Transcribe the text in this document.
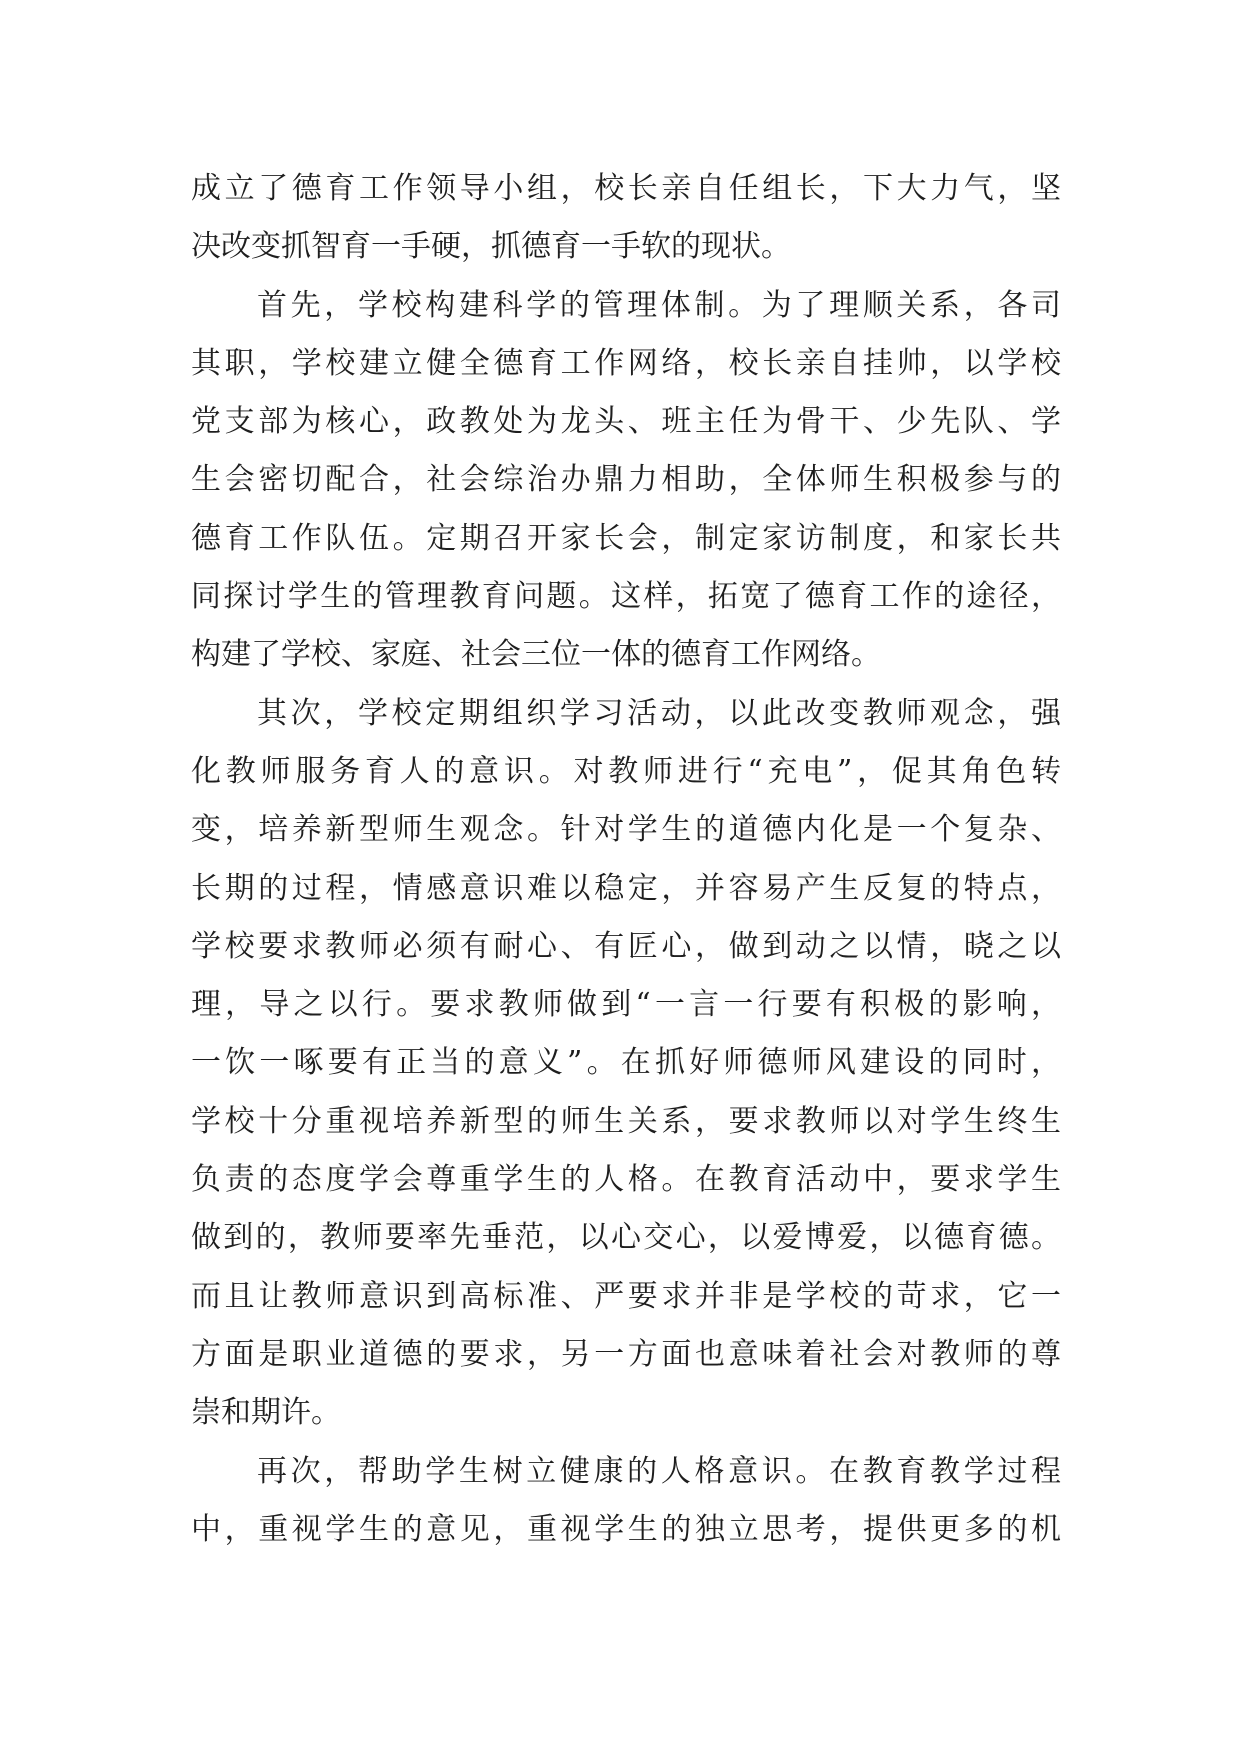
成立了德育工作领导小组，校长亲自任组长，下大力气，坚
决改变抓智育一手硬，抓德育一手软的现状。
首先，学校构建科学的管理体制。为了理顺关系，各司
其职，学校建立健全德育工作网络，校长亲自挂帅，以学校
党支部为核心，政教处为龙头、班主任为骨干、少先队、学
生会密切配合，社会综治办鼎力相助，全体师生积极参与的
德育工作队伍。定期召开家长会，制定家访制度，和家长共
同探讨学生的管理教育问题。这样，拓宽了德育工作的途径，
构建了学校、家庭、社会三位一体的德育工作网络。
其次，学校定期组织学习活动，以此改变教师观念，强
化教师服务育人的意识。对教师进行“充电”，促其角色转
变，培养新型师生观念。针对学生的道德内化是一个复杂、
长期的过程，情感意识难以稳定，并容易产生反复的特点，
学校要求教师必须有耐心、有匠心，做到动之以情，晓之以
理，导之以行。要求教师做到“一言一行要有积极的影响，
一饮一啄要有正当的意义”。在抓好师德师风建设的同时，
学校十分重视培养新型的师生关系，要求教师以对学生终生
负责的态度学会尊重学生的人格。在教育活动中，要求学生
做到的，教师要率先垂范，以心交心，以爱博爱，以德育德。
而且让教师意识到高标准、严要求并非是学校的苛求，它一
方面是职业道德的要求，另一方面也意味着社会对教师的尊
崇和期许。
再次，帮助学生树立健康的人格意识。在教育教学过程
中，重视学生的意见，重视学生的独立思考，提供更多的机
